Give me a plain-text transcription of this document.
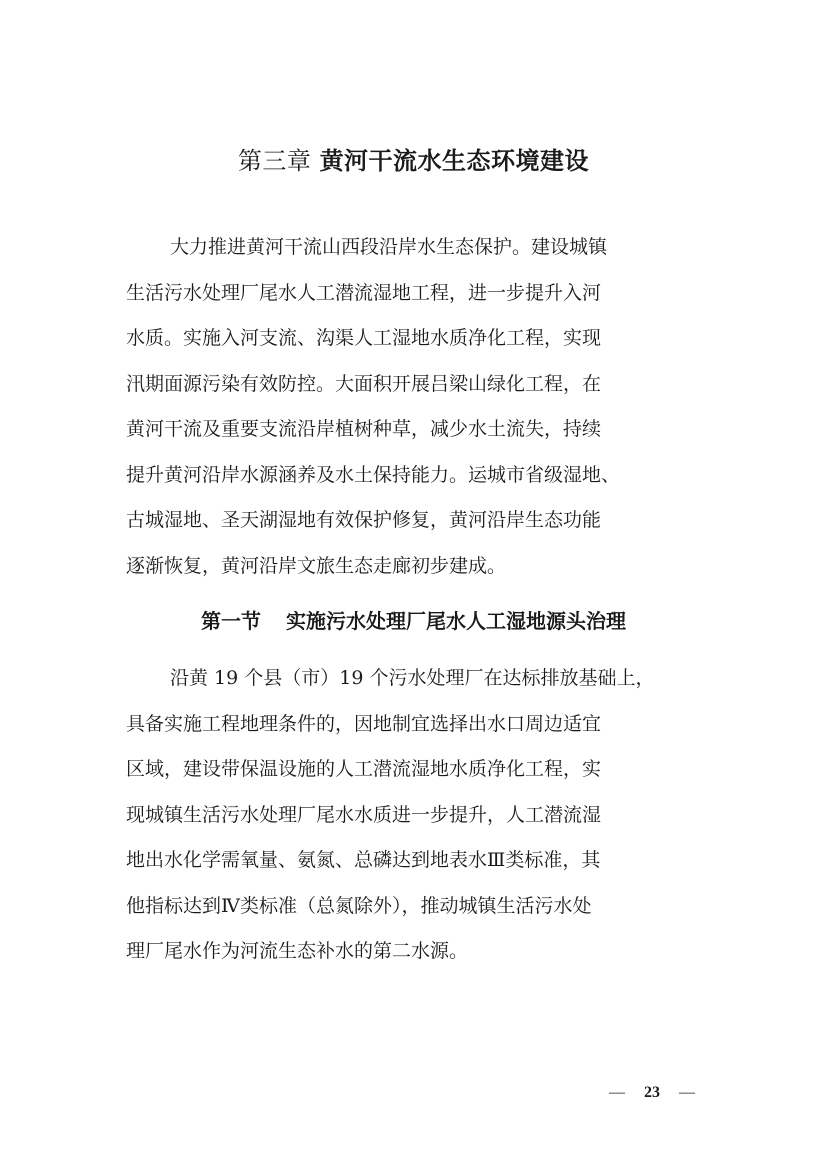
第三章 黄河干流水生态环境建设

大力推进黄河干流山西段沿岸水生态保护。建设城镇
生活污水处理厂尾水人工潜流湿地工程，进一步提升入河
水质。实施入河支流、沟渠人工湿地水质净化工程，实现
汛期面源污染有效防控。大面积开展吕梁山绿化工程，在
黄河干流及重要支流沿岸植树种草，减少水土流失，持续
提升黄河沿岸水源涵养及水土保持能力。运城市省级湿地、
古城湿地、圣天湖湿地有效保护修复，黄河沿岸生态功能
逐渐恢复，黄河沿岸文旅生态走廊初步建成。

第一节 实施污水处理厂尾水人工湿地源头治理

沿黄 19 个县（市）19 个污水处理厂在达标排放基础上，
具备实施工程地理条件的，因地制宜选择出水口周边适宜
区域，建设带保温设施的人工潜流湿地水质净化工程，实
现城镇生活污水处理厂尾水水质进一步提升，人工潜流湿
地出水化学需氧量、氨氮、总磷达到地表水Ⅲ类标准，其
他指标达到Ⅳ类标准（总氮除外），推动城镇生活污水处
理厂尾水作为河流生态补水的第二水源。

— 23 —
